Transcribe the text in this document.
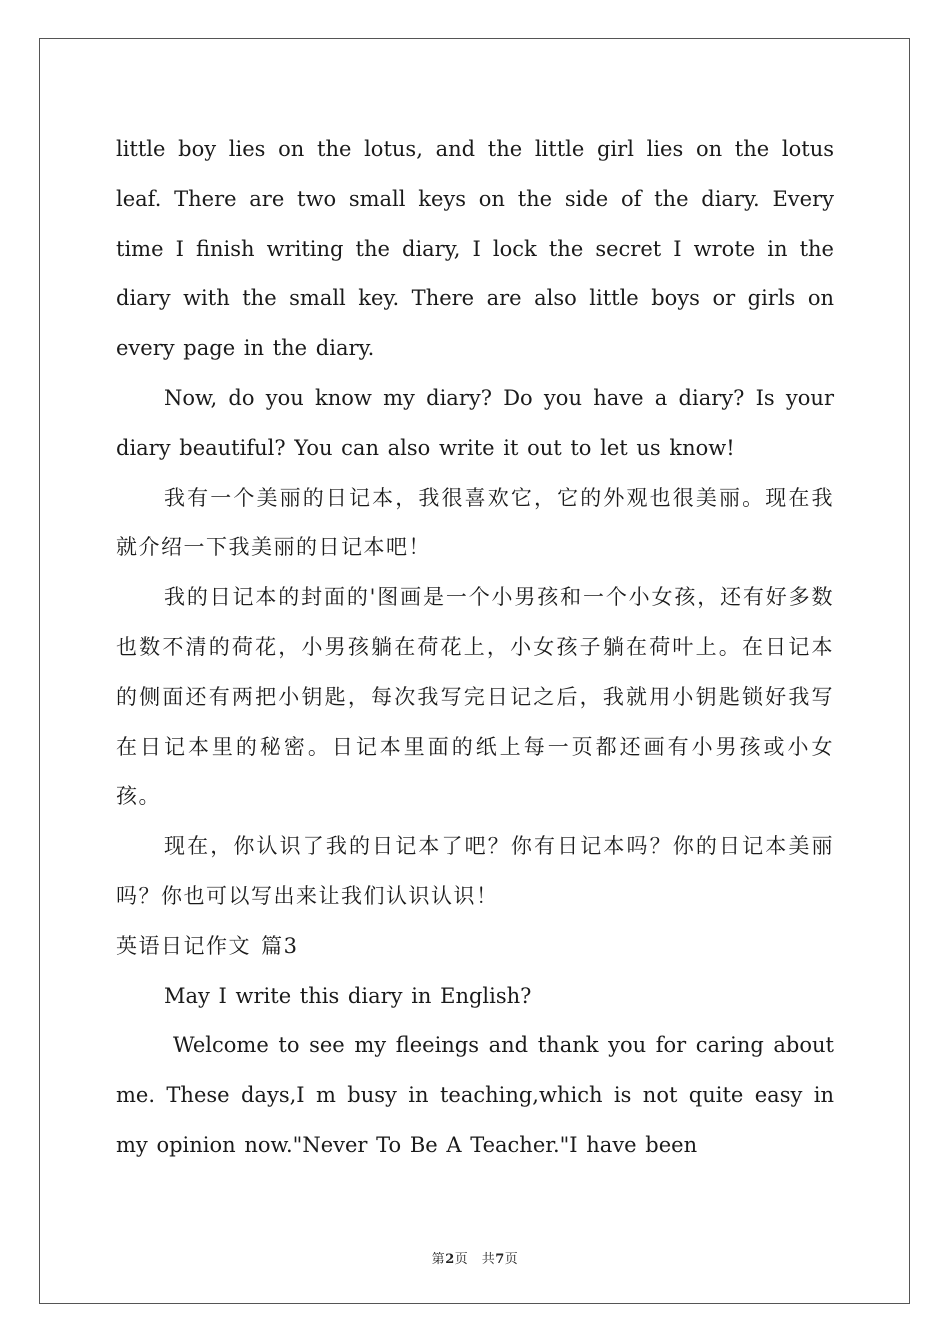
little boy lies on the lotus, and the little girl lies on the lotus leaf. There are two small keys on the side of the diary. Every time I finish writing the diary, I lock the secret I wrote in the diary with the small key. There are also little boys or girls on every page in the diary.

Now, do you know my diary? Do you have a diary? Is your diary beautiful? You can also write it out to let us know!

我有一个美丽的日记本，我很喜欢它，它的外观也很美丽。现在我就介绍一下我美丽的日记本吧！

我的日记本的封面的'图画是一个小男孩和一个小女孩，还有好多数也数不清的荷花，小男孩躺在荷花上，小女孩子躺在荷叶上。在日记本的侧面还有两把小钥匙，每次我写完日记之后，我就用小钥匙锁好我写在日记本里的秘密。日记本里面的纸上每一页都还画有小男孩或小女孩。

现在，你认识了我的日记本了吧？你有日记本吗？你的日记本美丽吗？你也可以写出来让我们认识认识！

英语日记作文 篇3

May I write this diary in English?

Welcome to see my fleeings and thank you for caring about me. These days,I m busy in teaching,which is not quite easy in my opinion now."Never To Be A Teacher."I have been

第2页　共7页
